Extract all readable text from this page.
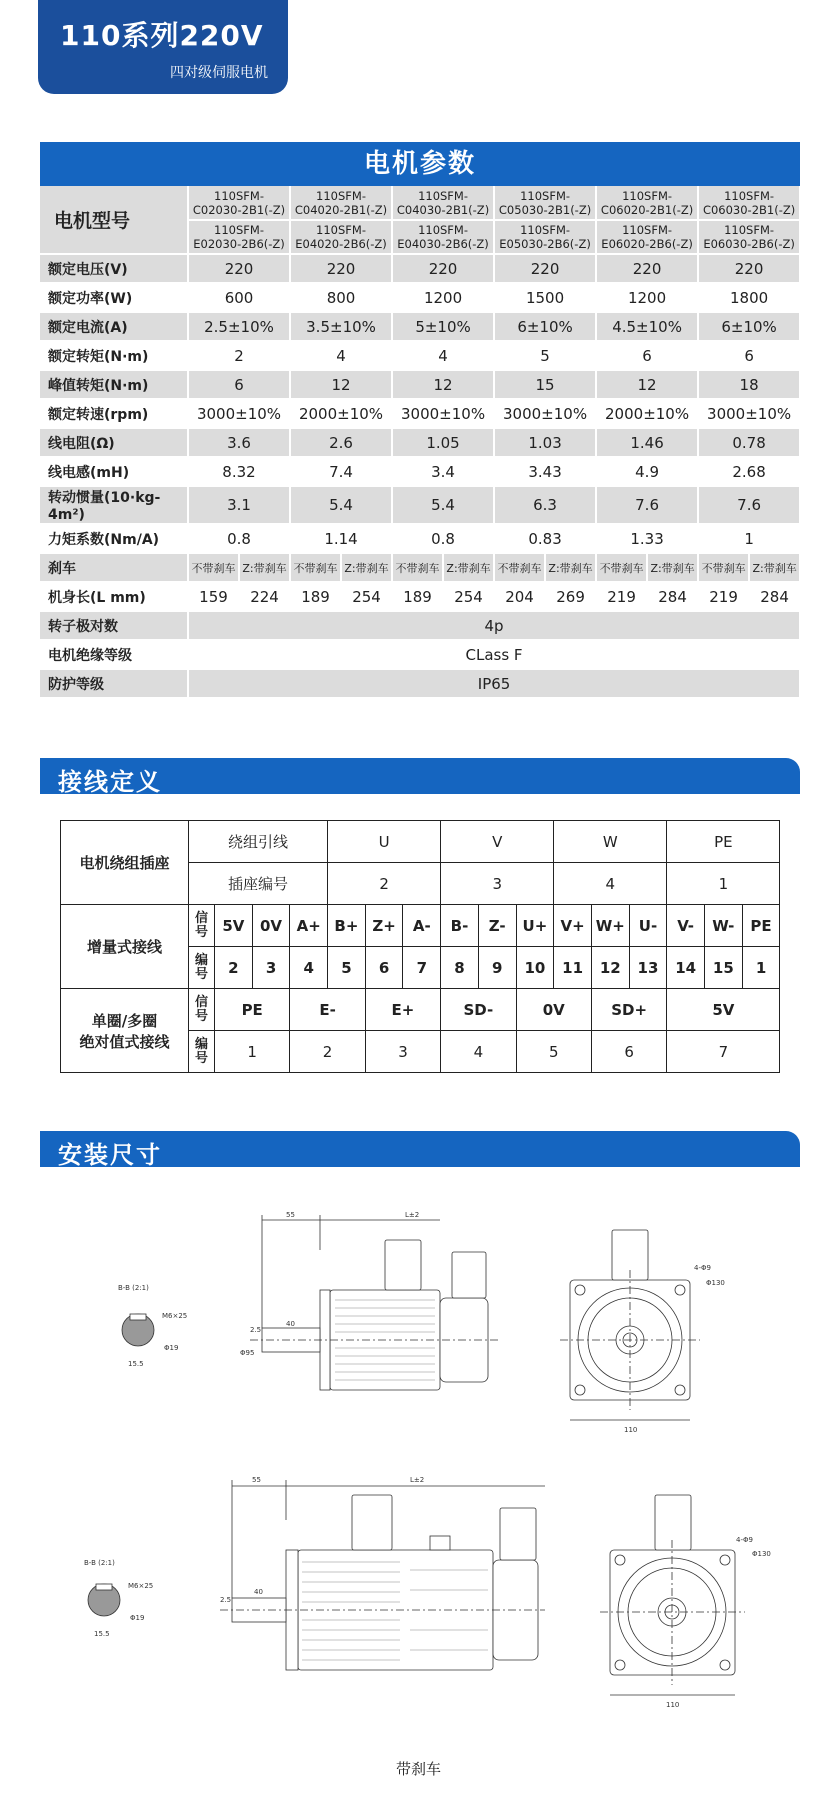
110系列220V
四对级伺服电机
电机参数
电机型号	110SFM-
C02030-2B1(-Z)		110SFM-
C04020-2B1(-Z)		110SFM-
C04030-2B1(-Z)		110SFM-
C05030-2B1(-Z)		110SFM-
C06020-2B1(-Z)		110SFM-
C06030-2B1(-Z)	
	110SFM-
E02030-2B6(-Z)		110SFM-
E04020-2B6(-Z)		110SFM-
E04030-2B6(-Z)		110SFM-
E05030-2B6(-Z)		110SFM-
E06020-2B6(-Z)		110SFM-
E06030-2B6(-Z)	
额定电压(V)	220		220		220		220		220		220	
额定功率(W)	600		800		1200		1500		1200		1800	
额定电流(A)	2.5±10%		3.5±10%		5±10%		6±10%		4.5±10%		6±10%	
额定转矩(N·m)	2		4		4		5		6		6	
峰值转矩(N·m)	6		12		12		15		12		18	
额定转速(rpm)	3000±10%		2000±10%		3000±10%		3000±10%		2000±10%		3000±10%	
线电阻(Ω)	3.6		2.6		1.05		1.03		1.46		0.78	
线电感(mH)	8.32		7.4		3.4		3.43		4.9		2.68	
转动惯量(10·kg-4m²)	3.1		5.4		5.4		6.3		7.6		7.6	
力矩系数(Nm/A)	0.8		1.14		0.8		0.83		1.33		1	
刹车	不带刹车	Z:带刹车	不带刹车	Z:带刹车	不带刹车	Z:带刹车	不带刹车	Z:带刹车	不带刹车	Z:带刹车	不带刹车	Z:带刹车
机身长(L mm)	159	224	189	254	189	254	204	269	219	284	219	284
转子极对数	4p											
电机绝缘等级	CLass F											
防护等级	IP65											
接线定义
电机绕组插座	绕组引线				U			V			W			PE		
	插座编号				2			3			4			1		
增量式接线	信号	5V	0V	A+	B+	Z+	A-	B-	Z-	U+	V+	W+	U-	V-	W-	PE
	编号	2	3	4	5	6	7	8	9	10	11	12	13	14	15	1

单圈/多圈
绝对值式接线	信号	PE		E-		E+		SD-		0V		SD+		5V		
	编号	1		2		3		4		5		6		7		
安装尺寸
55	L±2
2.5
40
Φ95
110
Φ130
4-Φ9
B-B (2:1)
M6×25
Φ19
15.5
55	L±2
2.5
40
110
Φ130
4-Φ9
B-B (2:1)
M6×25
Φ19
15.5
带刹车
